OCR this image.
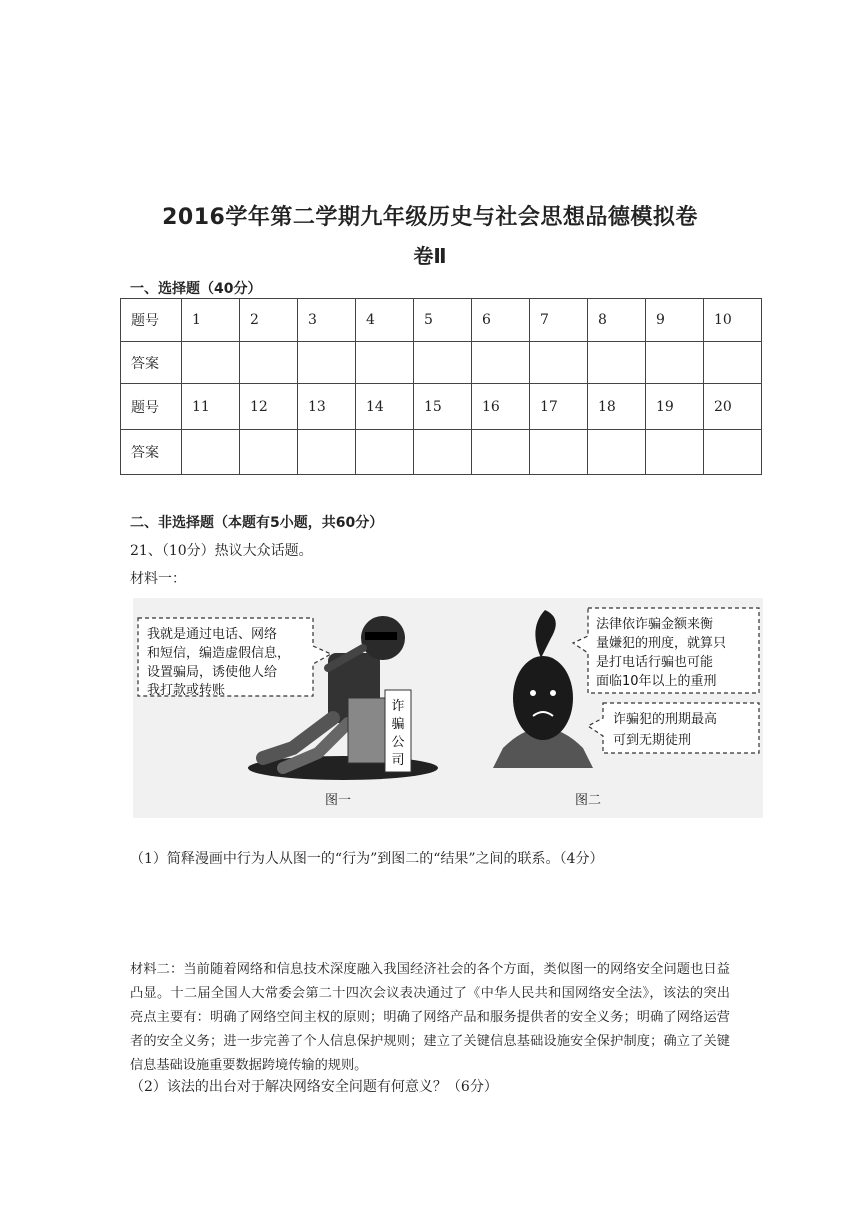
2016学年第二学期九年级历史与社会思想品德模拟卷
卷Ⅱ
一、选择题（40分）
题号	1	2	3	4	5	6	7	8	9	10
答案										
题号	11	12	13	14	15	16	17	18	19	20
答案										
二、非选择题（本题有5小题，共60分）
21、（10分）热议大众话题。
材料一：
我就是通过电话、网络
和短信，编造虚假信息，
设置骗局，诱使他人给
我打款或转账
诈
骗
公
司
图一
法律依诈骗金额来衡
量嫌犯的刑度，就算只
是打电话行骗也可能
面临10年以上的重刑
诈骗犯的刑期最高
可到无期徒刑
图二
（1）简释漫画中行为人从图一的“行为”到图二的“结果”之间的联系。（4分）
材料二：当前随着网络和信息技术深度融入我国经济社会的各个方面，类似图一的网络安全问题也日益凸显。十二届全国人大常委会第二十四次会议表决通过了《中华人民共和国网络安全法》，该法的突出亮点主要有：明确了网络空间主权的原则；明确了网络产品和服务提供者的安全义务；明确了网络运营者的安全义务；进一步完善了个人信息保护规则；建立了关键信息基础设施安全保护制度；确立了关键信息基础设施重要数据跨境传输的规则。
（2）该法的出台对于解决网络安全问题有何意义？（6分）
